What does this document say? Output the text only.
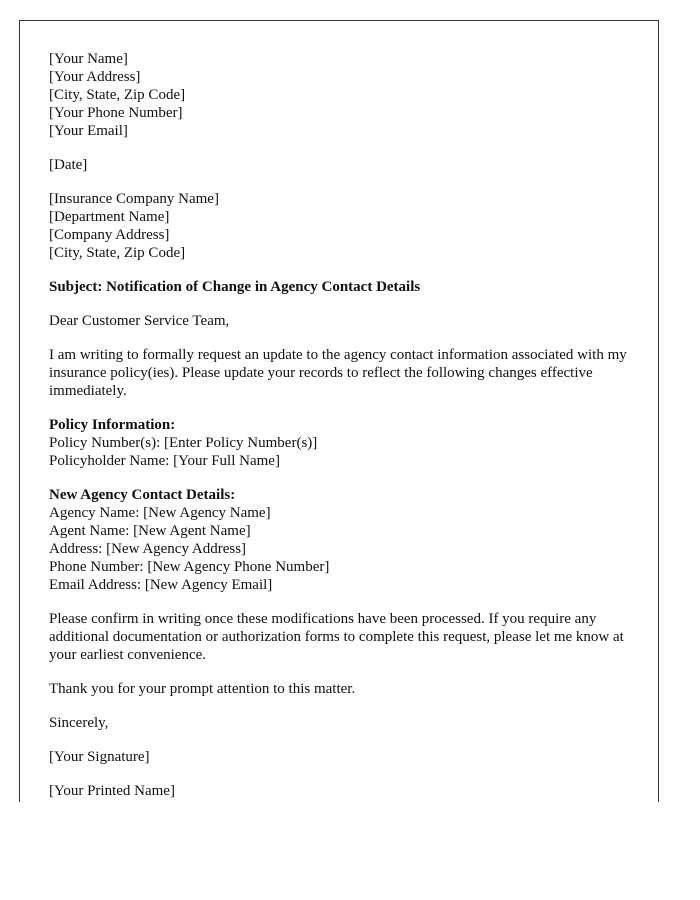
[Your Name]
[Your Address]
[City, State, Zip Code]
[Your Phone Number]
[Your Email]

[Date]

[Insurance Company Name]
[Department Name]
[Company Address]
[City, State, Zip Code]

Subject: Notification of Change in Agency Contact Details

Dear Customer Service Team,

I am writing to formally request an update to the agency contact information associated with my insurance policy(ies). Please update your records to reflect the following changes effective immediately.

Policy Information:
Policy Number(s): [Enter Policy Number(s)]
Policyholder Name: [Your Full Name]

New Agency Contact Details:
Agency Name: [New Agency Name]
Agent Name: [New Agent Name]
Address: [New Agency Address]
Phone Number: [New Agency Phone Number]
Email Address: [New Agency Email]

Please confirm in writing once these modifications have been processed. If you require any additional documentation or authorization forms to complete this request, please let me know at your earliest convenience.

Thank you for your prompt attention to this matter.

Sincerely,

[Your Signature]

[Your Printed Name]
